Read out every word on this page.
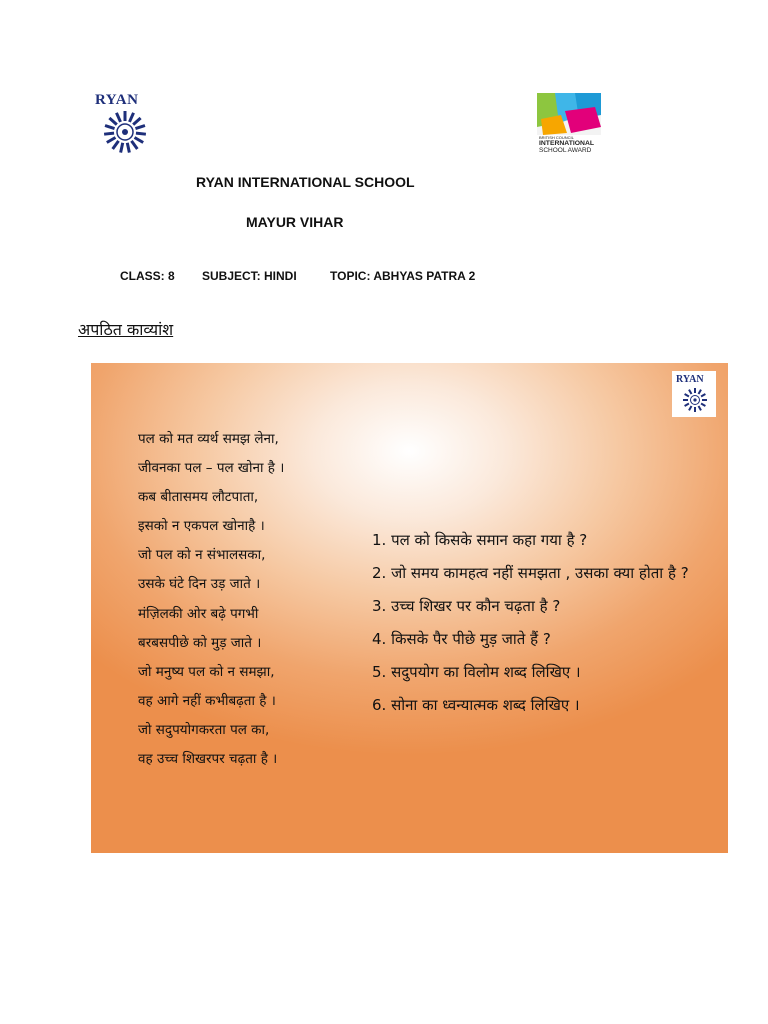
RYAN
BRITISH COUNCIL
INTERNATIONAL
SCHOOL AWARD
RYAN INTERNATIONAL SCHOOL
MAYUR VIHAR
CLASS: 8 SUBJECT: HINDI	TOPIC: ABHYAS PATRA 2
अपठित काव्यांश
RYAN
पल को मत व्यर्थ समझ लेना,
जीवनका पल – पल खोना है ।
कब बीतासमय लौटपाता,
इसको न एकपल खोनाहै ।
जो पल को न संभालसका,
उसके घंटे दिन उड़ जाते ।
मंज़िलकी ओर बढ़े पगभी
बरबसपीछे को मुड़ जाते ।
जो मनुष्य पल को न समझा,
वह आगे नहीं कभीबढ़ता है ।
जो सदुपयोगकरता पल का,
वह उच्च शिखरपर चढ़ता है ।
1. पल को किसके समान कहा गया है ?
2. जो समय कामहत्व नहीं समझता , उसका क्या होता है ?
3. उच्च शिखर पर कौन चढ़ता है ?
4. किसके पैर पीछे मुड़ जाते हैं ?
5. सदुपयोग का विलोम शब्द लिखिए ।
6. सोना का ध्वन्यात्मक शब्द लिखिए ।
